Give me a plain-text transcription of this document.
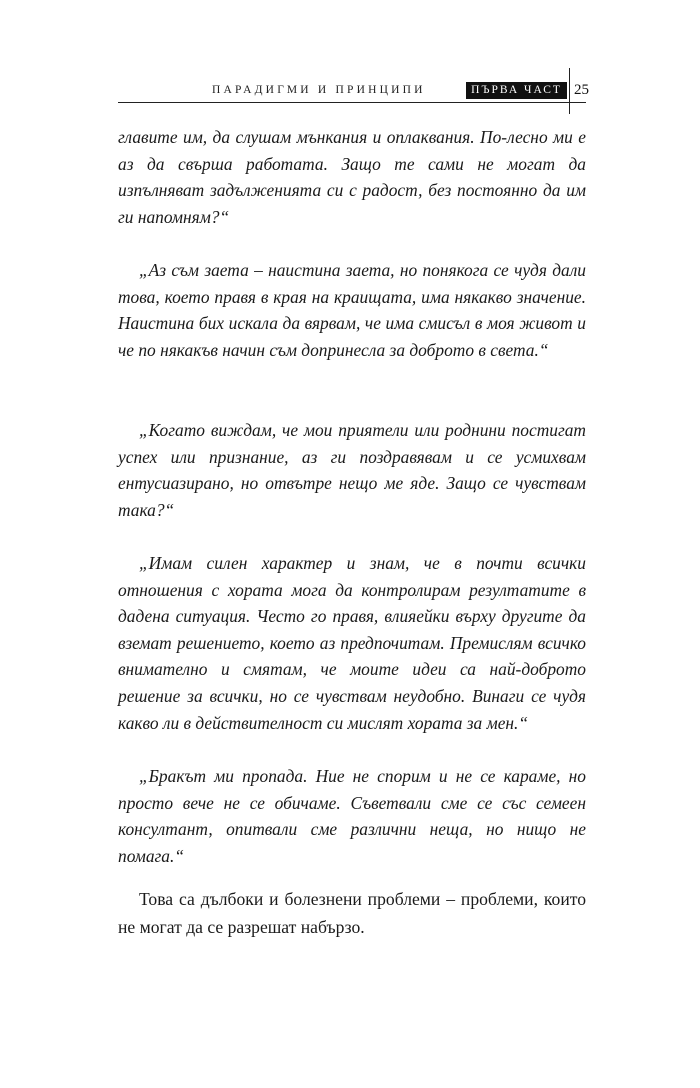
ПАРАДИГМИ И ПРИНЦИПИ	ПЪРВА ЧАСТ 25

главите им, да слушам мънкания и оплаквания. По-лесно ми е аз да свърша работата. Защо те сами не могат да изпълняват задълженията си с радост, без постоянно да им ги напомням?“

„Аз съм заета – наистина заета, но понякога се чудя дали това, което правя в края на краищата, има някакво значение. Наистина бих искала да вярвам, че има смисъл в моя живот и че по някакъв начин съм допринесла за доброто в света.“

„Когато виждам, че мои приятели или роднини постигат успех или признание, аз ги поздравявам и се усмихвам ентусиазирано, но отвътре нещо ме яде. Защо се чувствам така?“

„Имам силен характер и знам, че в почти всички отношения с хората мога да контролирам резултатите в дадена ситуация. Често го правя, влияейки върху другите да вземат решението, което аз предпочитам. Премислям всичко внимателно и смятам, че моите идеи са най-доброто решение за всички, но се чувствам неудобно. Винаги се чудя какво ли в действителност си мислят хората за мен.“

„Бракът ми пропада. Ние не спорим и не се караме, но просто вече не се обичаме. Съветвали сме се със семеен консултант, опитвали сме различни неща, но нищо не помага.“

Това са дълбоки и болезнени проблеми – проблеми, които не могат да се разрешат набързо.
